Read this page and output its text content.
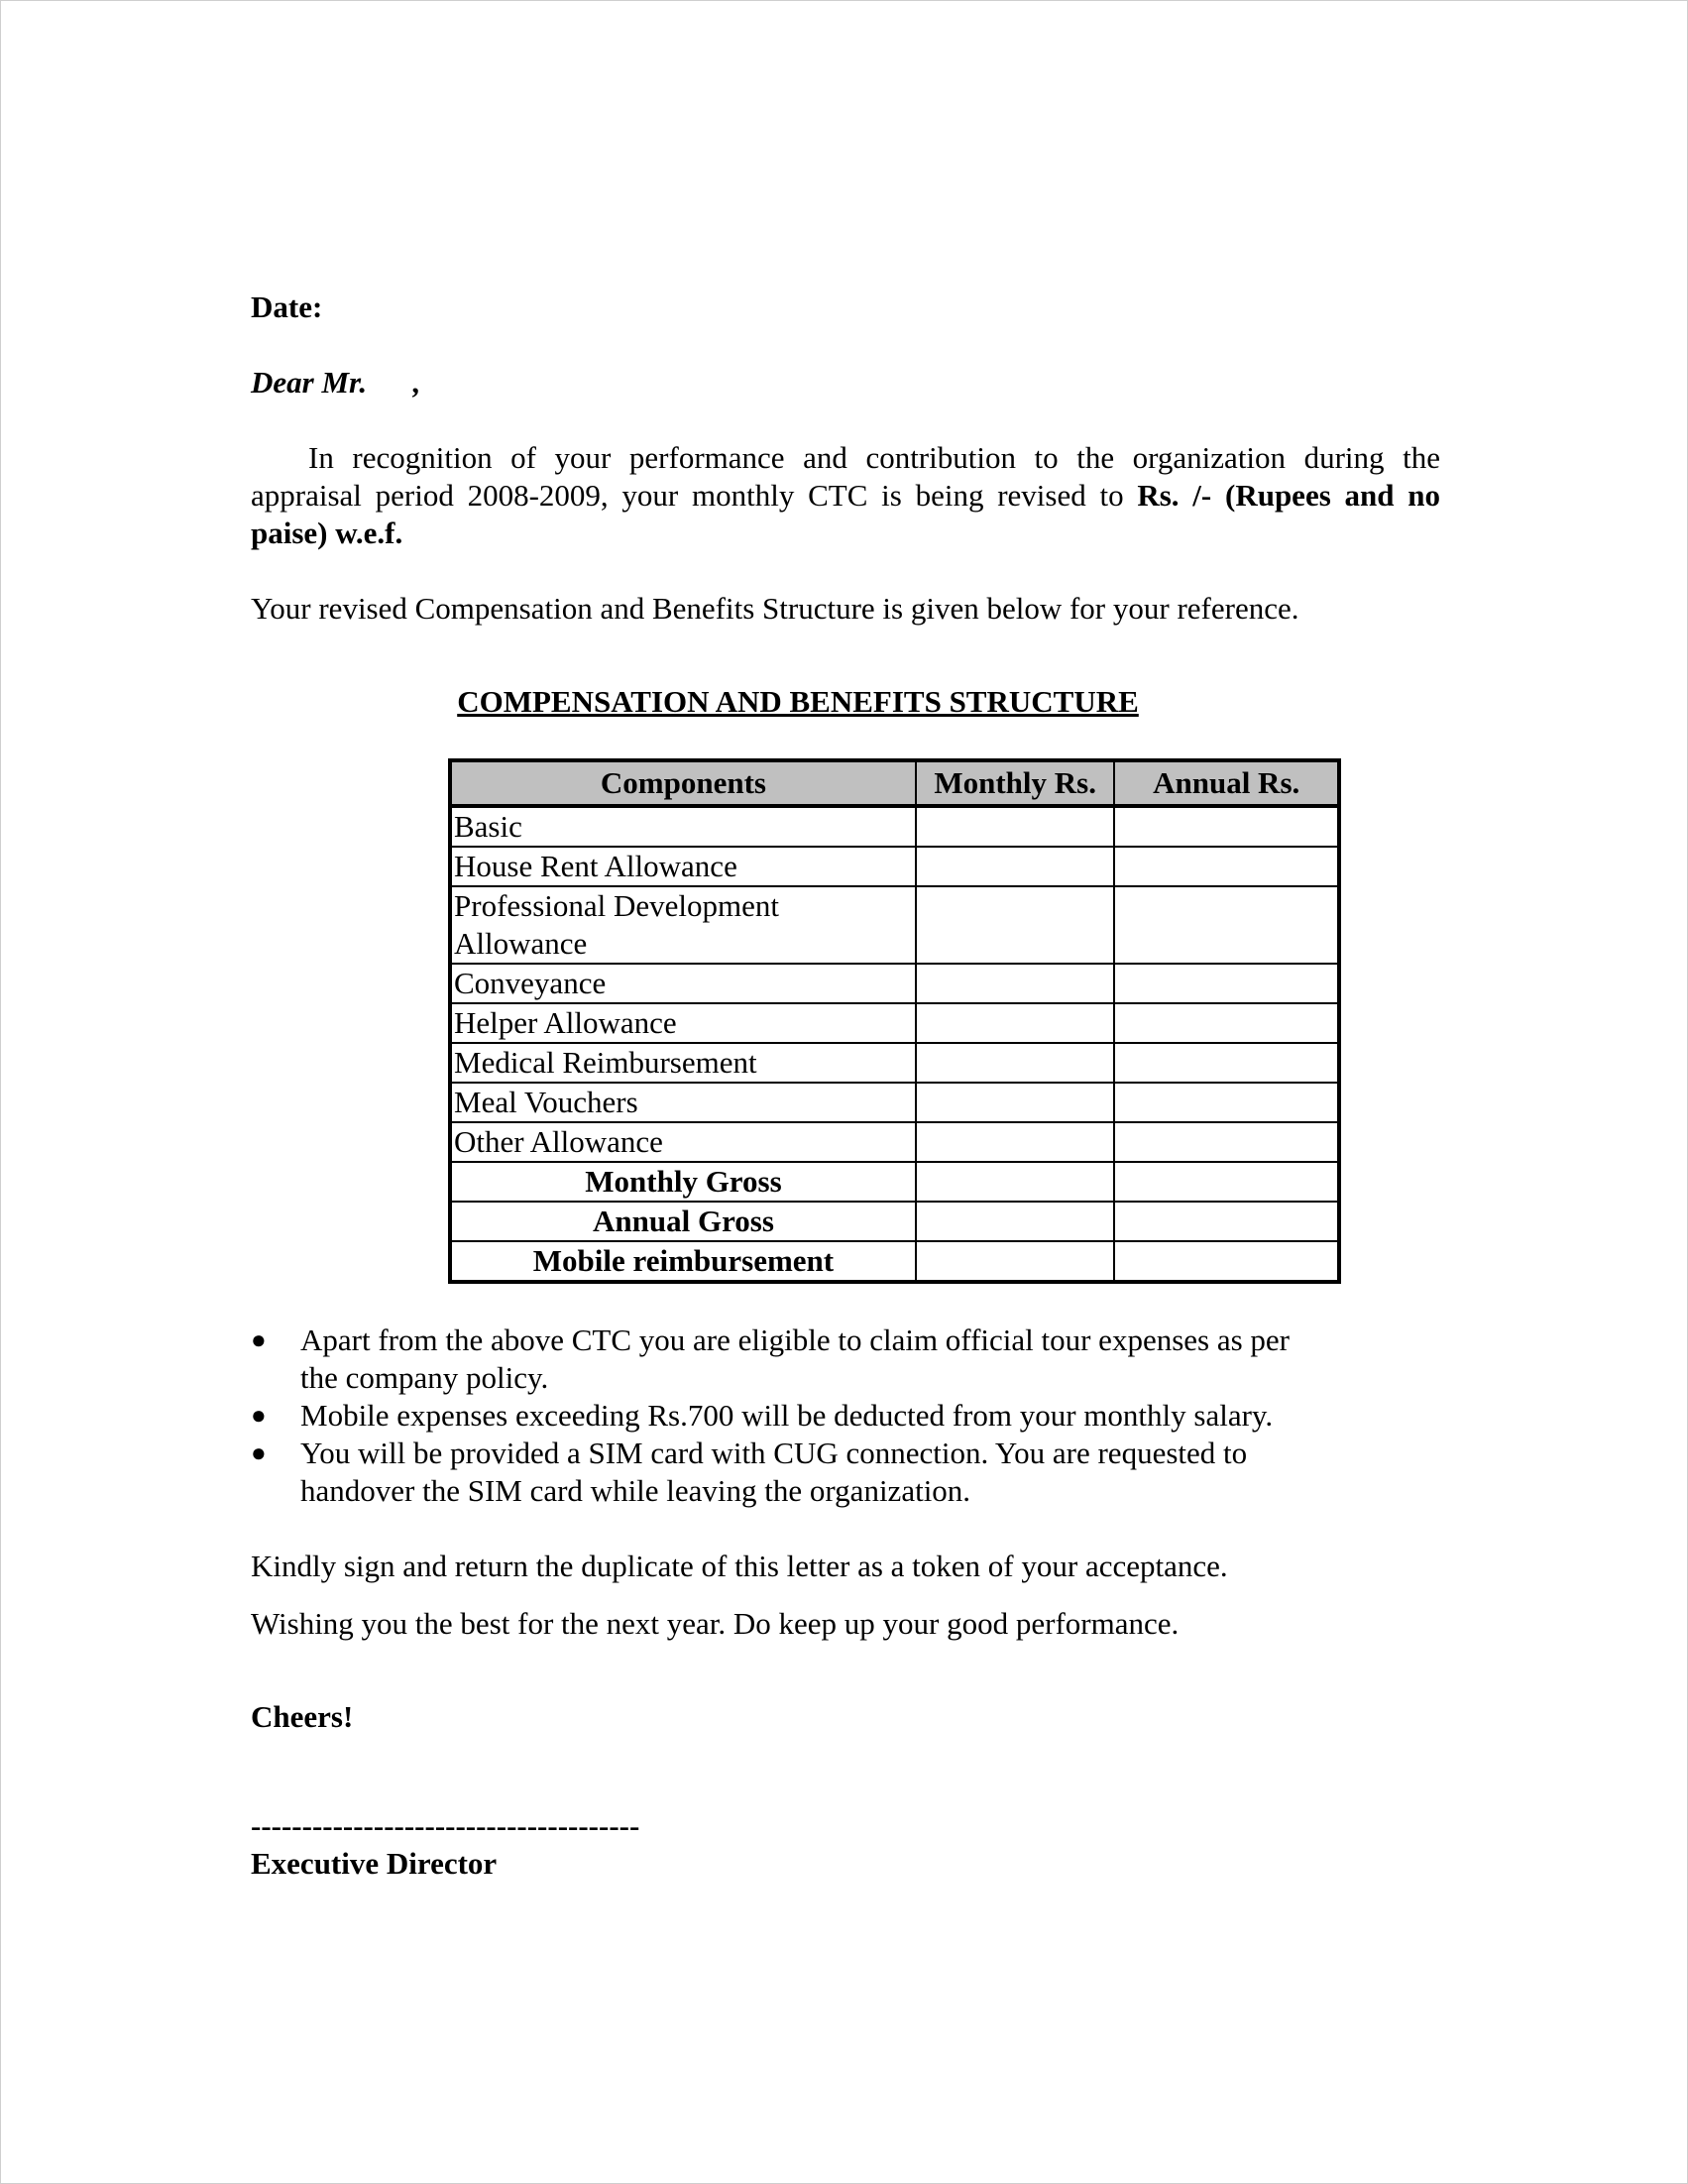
Date:

Dear Mr.      ,

In recognition of your performance and contribution to the organization during the appraisal period 2008-2009, your monthly CTC is being revised to Rs. /- (Rupees and no paise) w.e.f.

Your revised Compensation and Benefits Structure is given below for your reference.

COMPENSATION AND BENEFITS STRUCTURE

Components	Monthly Rs.	Annual Rs.
Basic		
House Rent Allowance		
Professional Development Allowance		
Conveyance		
Helper Allowance		
Medical Reimbursement		
Meal Vouchers		
Other Allowance		
Monthly Gross		
Annual Gross		
Mobile reimbursement		
● Apart from the above CTC you are eligible to claim official tour expenses as per the company policy.
● Mobile expenses exceeding Rs.700 will be deducted from your monthly salary.
● You will be provided a SIM card with CUG connection. You are requested to handover the SIM card while leaving the organization.

Kindly sign and return the duplicate of this letter as a token of your acceptance.

Wishing you the best for the next year. Do keep up your good performance.

Cheers!

--------------------------------------

Executive Director
